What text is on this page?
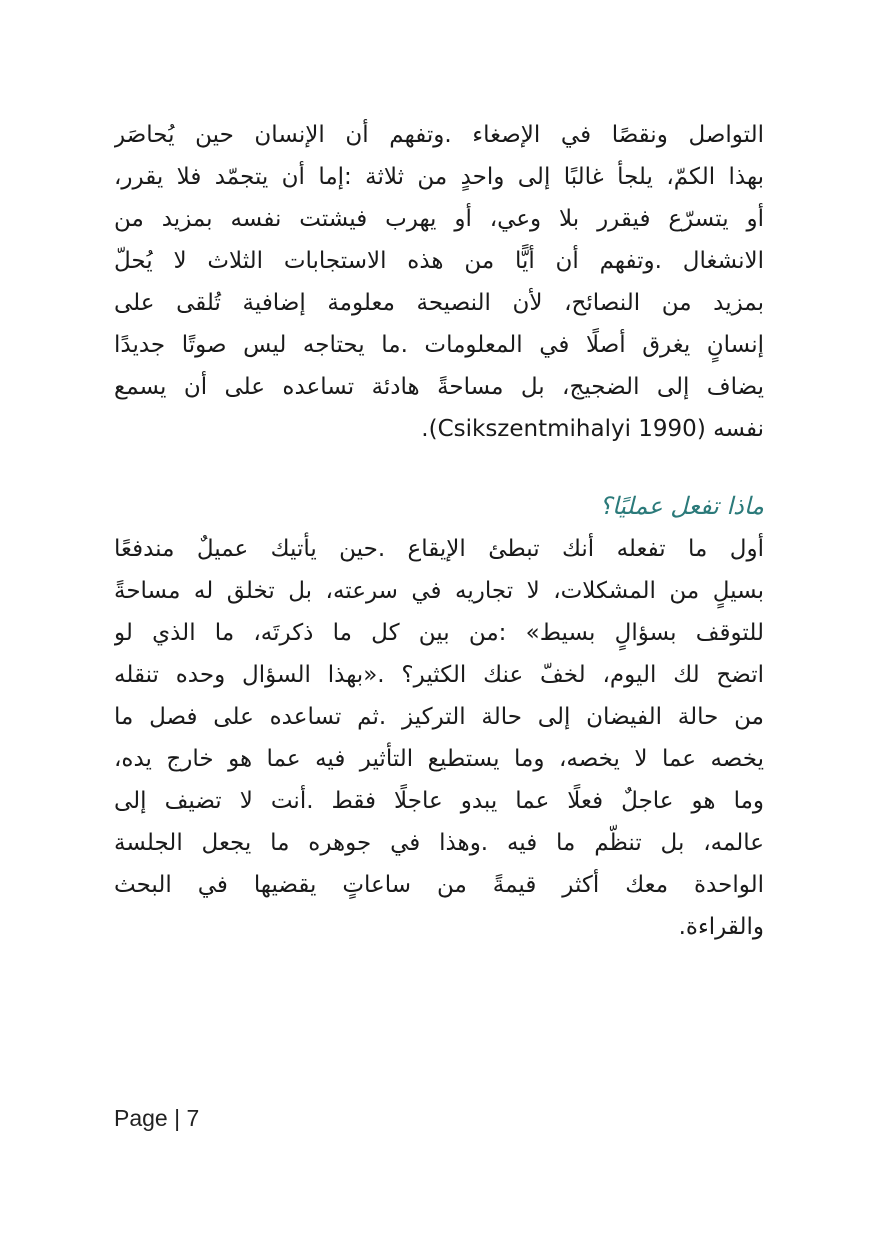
التواصل ونقصًا في الإصغاء .وتفهم أن الإنسان حين يُحاصَر
بهذا الكمّ، يلجأ غالبًا إلى واحدٍ من ثلاثة :إما أن يتجمّد فلا يقرر،
أو يتسرّع فيقرر بلا وعي، أو يهرب فيشتت نفسه بمزيد من
الانشغال .وتفهم أن أيًّا من هذه الاستجابات الثلاث لا يُحلّ
بمزيد من النصائح، لأن النصيحة معلومة إضافية تُلقى على
إنسانٍ يغرق أصلًا في المعلومات .ما يحتاجه ليس صوتًا جديدًا
يضاف إلى الضجيج، بل مساحةً هادئة تساعده على أن يسمع
نفسه (Csikszentmihalyi 1990).
ماذا تفعل عمليًا؟
أول ما تفعله أنك تبطئ الإيقاع .حين يأتيك عميلٌ مندفعًا
بسيلٍ من المشكلات، لا تجاريه في سرعته، بل تخلق له مساحةً
للتوقف بسؤالٍ بسيط» :من بين كل ما ذكرتَه، ما الذي لو
اتضح لك اليوم، لخفّ عنك الكثير؟ .«بهذا السؤال وحده تنقله
من حالة الفيضان إلى حالة التركيز .ثم تساعده على فصل ما
يخصه عما لا يخصه، وما يستطيع التأثير فيه عما هو خارج يده،
وما هو عاجلٌ فعلًا عما يبدو عاجلًا فقط .أنت لا تضيف إلى
عالمه، بل تنظّم ما فيه .وهذا في جوهره ما يجعل الجلسة
الواحدة معك أكثر قيمةً من ساعاتٍ يقضيها في البحث
والقراءة.
Page | 7
